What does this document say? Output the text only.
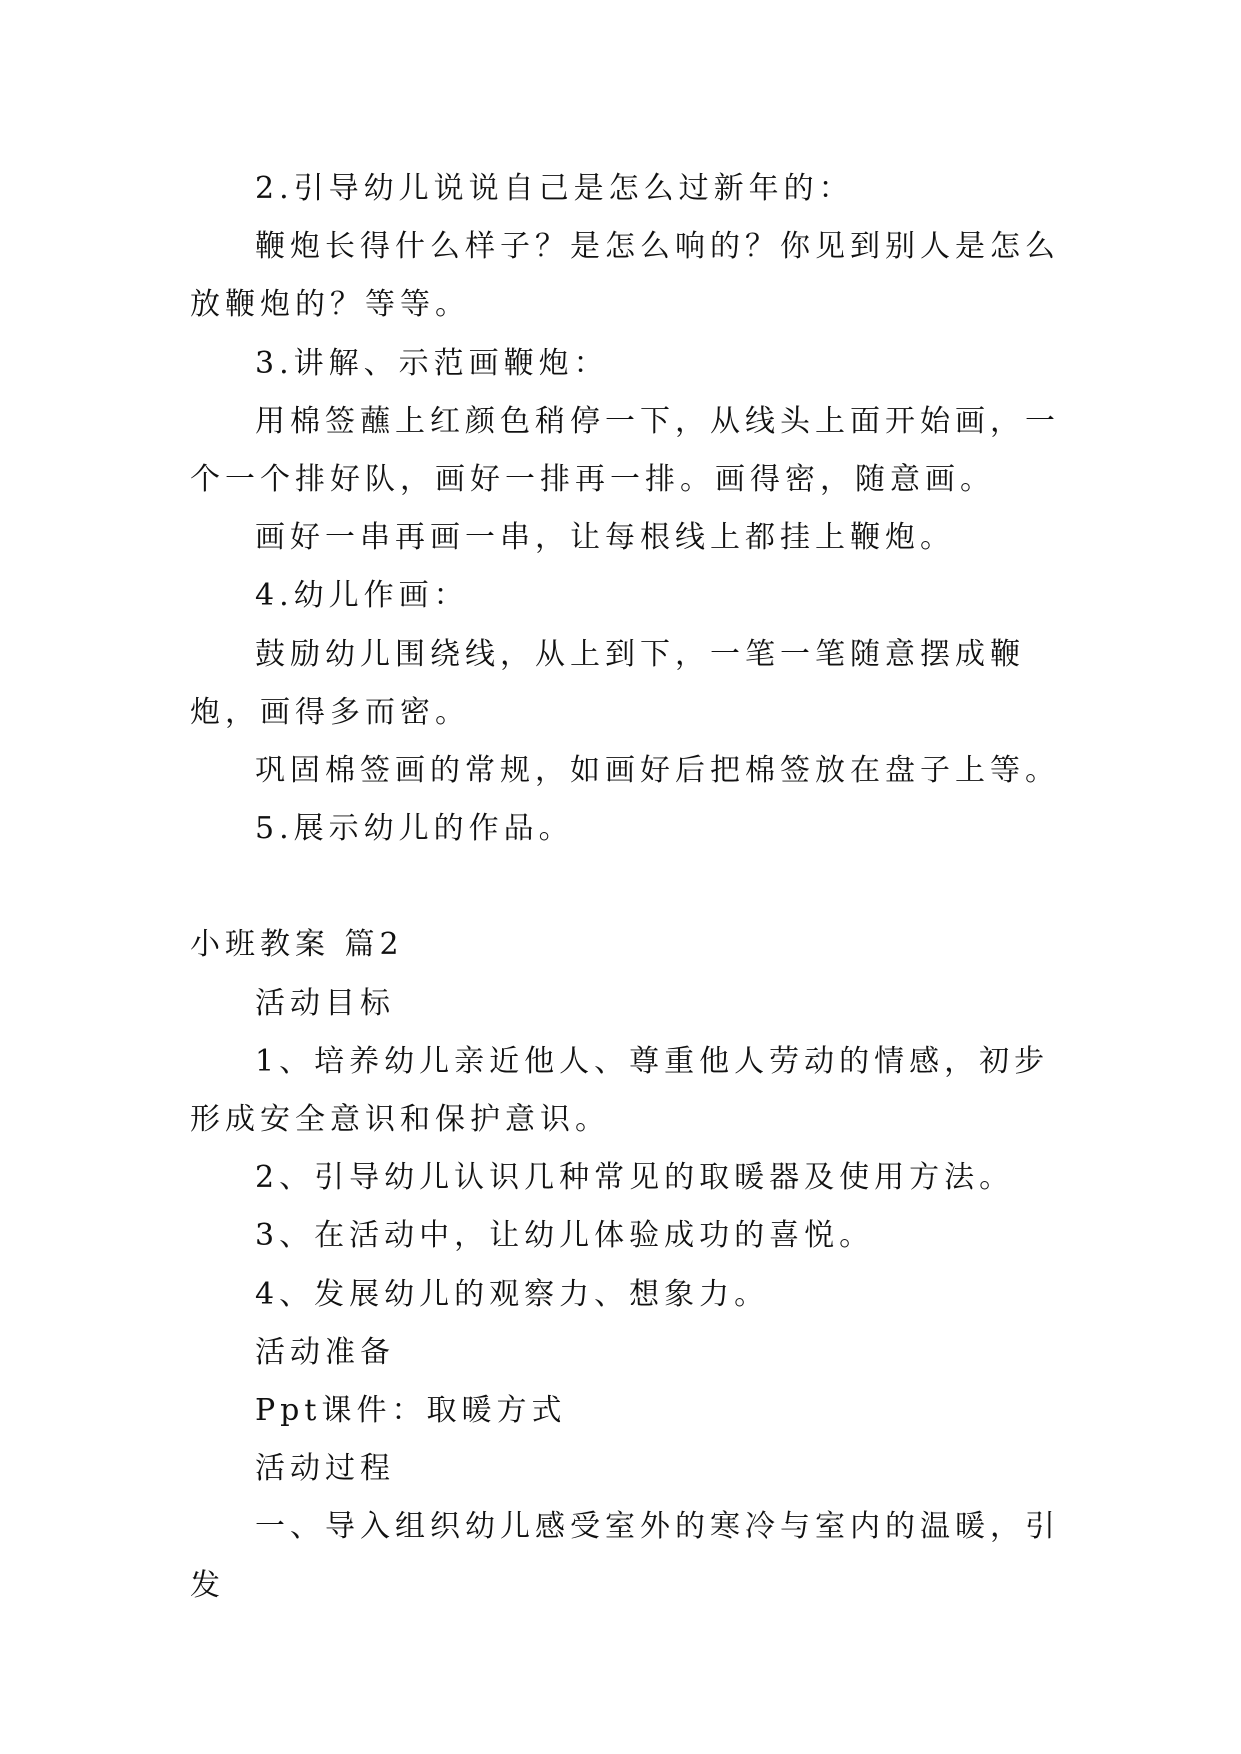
2.引导幼儿说说自己是怎么过新年的：

鞭炮长得什么样子？是怎么响的？你见到别人是怎么放鞭炮的？等等。

3.讲解、示范画鞭炮：

用棉签蘸上红颜色稍停一下，从线头上面开始画，一个一个排好队，画好一排再一排。画得密，随意画。

画好一串再画一串，让每根线上都挂上鞭炮。

4.幼儿作画：

鼓励幼儿围绕线，从上到下，一笔一笔随意摆成鞭炮，画得多而密。

巩固棉签画的常规，如画好后把棉签放在盘子上等。

5.展示幼儿的作品。

小班教案 篇2

活动目标

1、培养幼儿亲近他人、尊重他人劳动的情感，初步形成安全意识和保护意识。

2、引导幼儿认识几种常见的取暖器及使用方法。

3、在活动中，让幼儿体验成功的喜悦。

4、发展幼儿的观察力、想象力。

活动准备

Ppt课件：取暖方式

活动过程

一、导入组织幼儿感受室外的寒冷与室内的温暖，引发
